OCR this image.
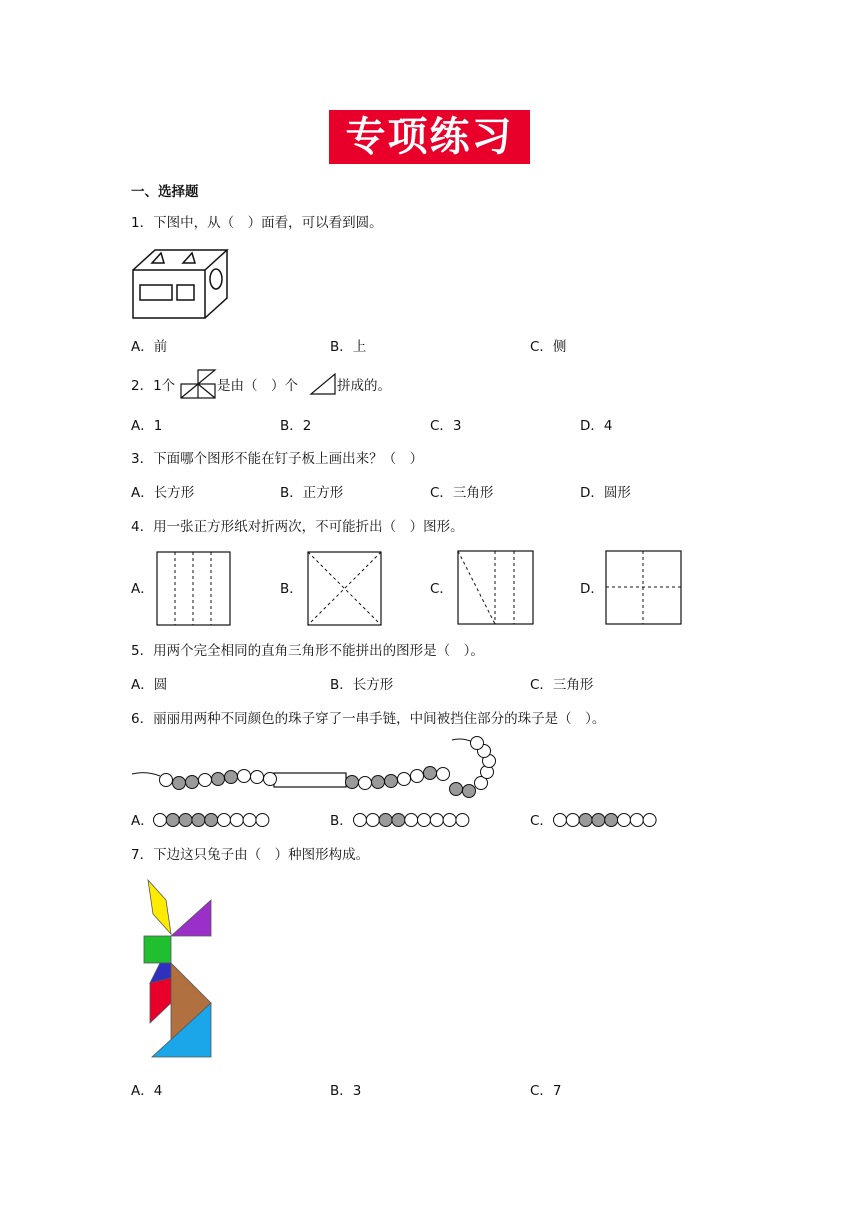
专项练习
一、选择题
1．下图中，从（　）面看，可以看到圆。
A．前	B．上	C．侧
2．1个	是由（　）个	拼成的。
A．1	B．2	C．3	D．4
3．下面哪个图形不能在钉子板上画出来？（　）
A．长方形	B．正方形	C．三角形	D．圆形
4．用一张正方形纸对折两次，不可能折出（　）图形。
A．	B．	C．	D．
5．用两个完全相同的直角三角形不能拼出的图形是（　）。
A．圆	B．长方形	C．三角形
6．丽丽用两种不同颜色的珠子穿了一串手链，中间被挡住部分的珠子是（　）。
A．	B．	C．
7．下边这只兔子由（　）种图形构成。
A．4	B．3	C．7
